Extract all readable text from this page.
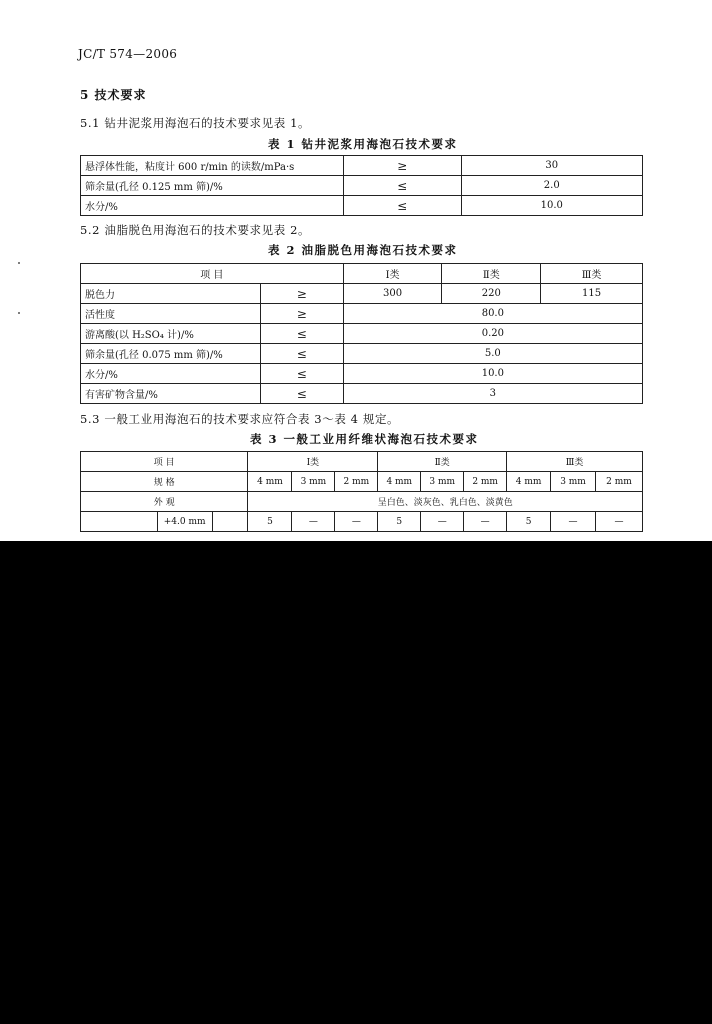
JC/T 574—2006
5 技术要求
5.1 钻井泥浆用海泡石的技术要求见表 1。
表 1 钻井泥浆用海泡石技术要求
悬浮体性能，粘度计 600 r/min 的读数/mPa·s	≥	30
筛余量(孔径 0.125 mm 筛)/%	≤	2.0
水分/%	≤	10.0
5.2 油脂脱色用海泡石的技术要求见表 2。
表 2 油脂脱色用海泡石技术要求
项 目		Ⅰ类	Ⅱ类	Ⅲ类
脱色力	≥	300	220	115
活性度	≥	80.0		
游离酸(以 H₂SO₄ 计)/%	≤	0.20		
筛余量(孔径 0.075 mm 筛)/%	≤	5.0		
水分/%	≤	10.0		
有害矿物含量/%	≤	3		
5.3 一般工业用海泡石的技术要求应符合表 3～表 4 规定。
表 3 一般工业用纤维状海泡石技术要求
项 目			Ⅰ类			Ⅱ类			Ⅲ类		
规 格			4 mm	3 mm	2 mm	4 mm	3 mm	2 mm	4 mm	3 mm	2 mm
外 观			呈白色、淡灰色、乳白色、淡黄色								
	+4.0 mm		5	—	—	5	—	—	5	—	—
